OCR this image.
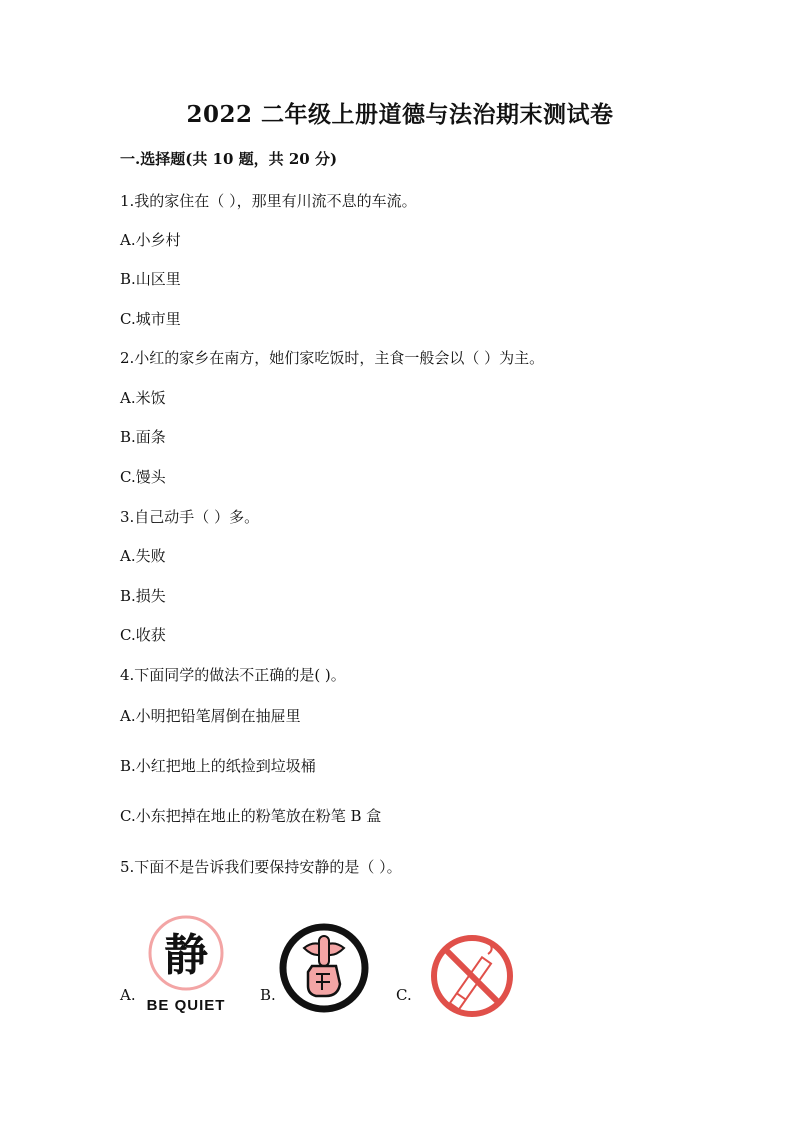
2022 二年级上册道德与法治期末测试卷
一.选择题(共 10 题，共 20 分)
1.我的家住在（ ），那里有川流不息的车流。
A.小乡村
B.山区里
C.城市里
2.小红的家乡在南方，她们家吃饭时，主食一般会以（ ）为主。
A.米饭
B.面条
C.馒头
3.自己动手（ ）多。
A.失败
B.损失
C.收获
4.下面同学的做法不正确的是( )。
A.小明把铅笔屑倒在抽屉里
B.小红把地上的纸捡到垃圾桶
C.小东把掉在地止的粉笔放在粉笔 B 盒
5.下面不是告诉我们要保持安静的是（ ）。
A.
静
BE QUIET
B.	C.
